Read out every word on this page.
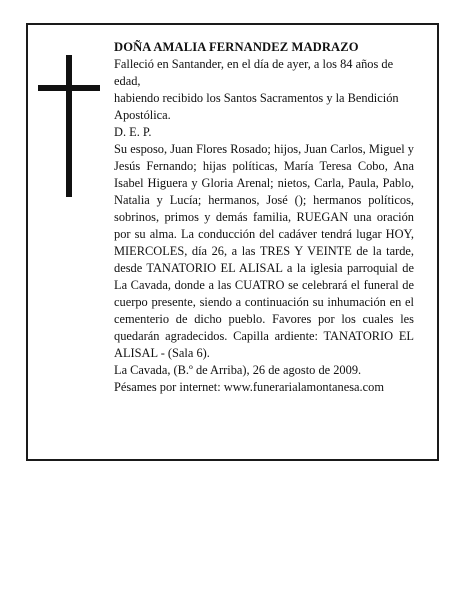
DOÑA AMALIA FERNANDEZ MADRAZO
Falleció en Santander, en el día de ayer, a los 84 años de edad,
habiendo recibido los Santos Sacramentos y la Bendición Apostólica.
D. E. P.
Su esposo, Juan Flores Rosado; hijos, Juan Carlos, Miguel y Jesús Fernando; hijas políticas, María Teresa Cobo, Ana Isabel Higuera y Gloria Arenal; nietos, Carla, Paula, Pablo, Natalia y Lucía; hermanos, José (); hermanos políticos, sobrinos, primos y demás familia, RUEGAN una oración por su alma. La conducción del cadáver tendrá lugar HOY, MIERCOLES, día 26, a las TRES Y VEINTE de la tarde, desde TANATORIO EL ALISAL a la iglesia parroquial de La Cavada, donde a las CUATRO se celebrará el funeral de cuerpo presente, siendo a continuación su inhumación en el cementerio de dicho pueblo. Favores por los cuales les quedarán agradecidos. Capilla ardiente: TANATORIO EL ALISAL - (Sala 6).
La Cavada, (B.º de Arriba), 26 de agosto de 2009.
Pésames por internet: www.funerarialamontanesa.com
